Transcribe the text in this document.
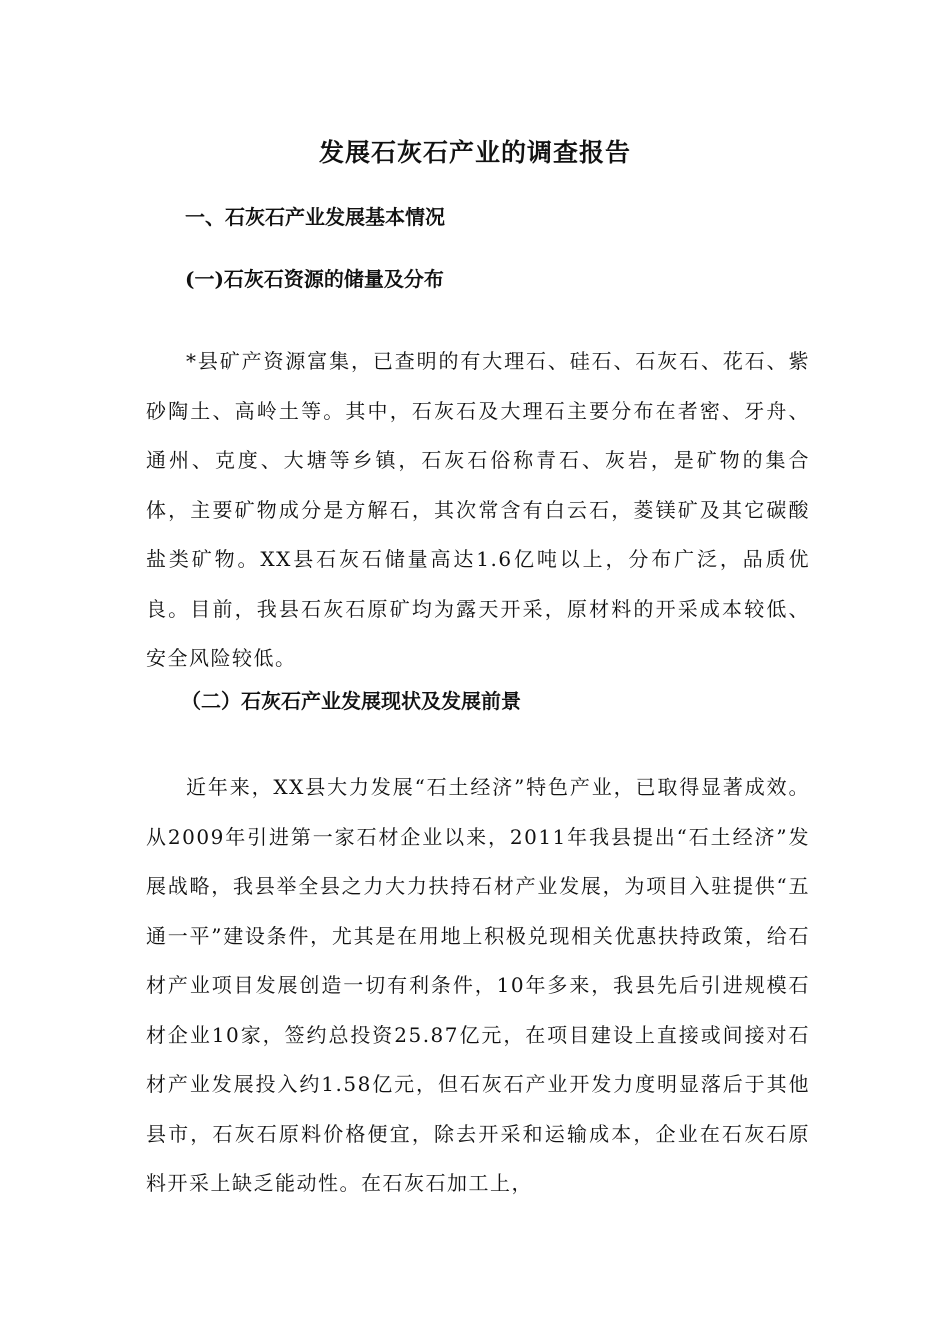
发展石灰石产业的调查报告
一、石灰石产业发展基本情况
(一)石灰石资源的储量及分布

*县矿产资源富集，已查明的有大理石、硅石、石灰石、花石、紫砂陶土、高岭土等。其中，石灰石及大理石主要分布在者密、牙舟、通州、克度、大塘等乡镇，石灰石俗称青石、灰岩，是矿物的集合体，主要矿物成分是方解石，其次常含有白云石，菱镁矿及其它碳酸盐类矿物。XX县石灰石储量高达1.6亿吨以上，分布广泛，品质优良。目前，我县石灰石原矿均为露天开采，原材料的开采成本较低、安全风险较低。

（二）石灰石产业发展现状及发展前景

近年来，XX县大力发展“石土经济”特色产业，已取得显著成效。从2009年引进第一家石材企业以来，2011年我县提出“石土经济”发展战略，我县举全县之力大力扶持石材产业发展，为项目入驻提供“五通一平”建设条件，尤其是在用地上积极兑现相关优惠扶持政策，给石材产业项目发展创造一切有利条件，10年多来，我县先后引进规模石材企业10家，签约总投资25.87亿元，在项目建设上直接或间接对石材产业发展投入约1.58亿元，但石灰石产业开发力度明显落后于其他县市，石灰石原料价格便宜，除去开采和运输成本，企业在石灰石原料开采上缺乏能动性。在石灰石加工上，
